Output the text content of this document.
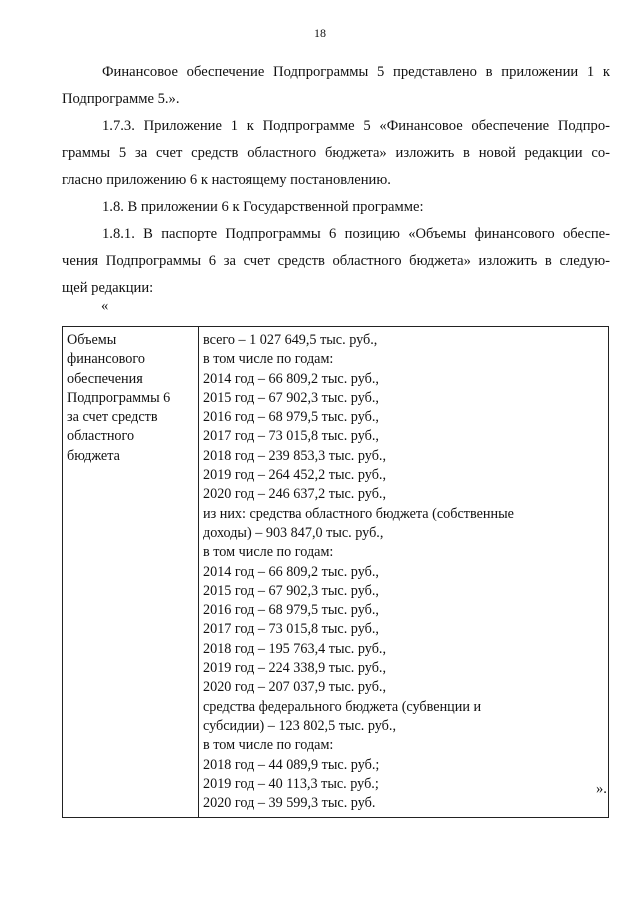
18

Финансовое обеспечение Подпрограммы 5 представлено в приложении 1 к
Подпрограмме 5.».

1.7.3. Приложение 1 к Подпрограмме 5 «Финансовое обеспечение Подпро-
граммы 5 за счет средств областного бюджета» изложить в новой редакции со-
гласно приложению 6 к настоящему постановлению.

1.8. В приложении 6 к Государственной программе:

1.8.1. В паспорте Подпрограммы 6 позицию «Объемы финансового обеспе-
чения Подпрограммы 6 за счет средств областного бюджета» изложить в следую-
щей редакции:

«
Объемы
финансового
обеспечения
Подпрограммы 6
за счет средств
областного
бюджета

всего – 1 027 649,5 тыс. руб.,
в том числе по годам:
2014 год – 66 809,2 тыс. руб.,
2015 год – 67 902,3 тыс. руб.,
2016 год – 68 979,5 тыс. руб.,
2017 год – 73 015,8 тыс. руб.,
2018 год – 239 853,3 тыс. руб.,
2019 год – 264 452,2 тыс. руб.,
2020 год – 246 637,2 тыс. руб.,
из них: средства областного бюджета (собственные
доходы) – 903 847,0 тыс. руб.,
в том числе по годам:
2014 год – 66 809,2 тыс. руб.,
2015 год – 67 902,3 тыс. руб.,
2016 год – 68 979,5 тыс. руб.,
2017 год – 73 015,8 тыс. руб.,
2018 год – 195 763,4 тыс. руб.,
2019 год – 224 338,9 тыс. руб.,
2020 год – 207 037,9 тыс. руб.,
средства федерального бюджета (субвенции и
субсидии) – 123 802,5 тыс. руб.,
в том числе по годам:
2018 год – 44 089,9 тыс. руб.;
2019 год – 40 113,3 тыс. руб.;
2020 год – 39 599,3 тыс. руб.
».
